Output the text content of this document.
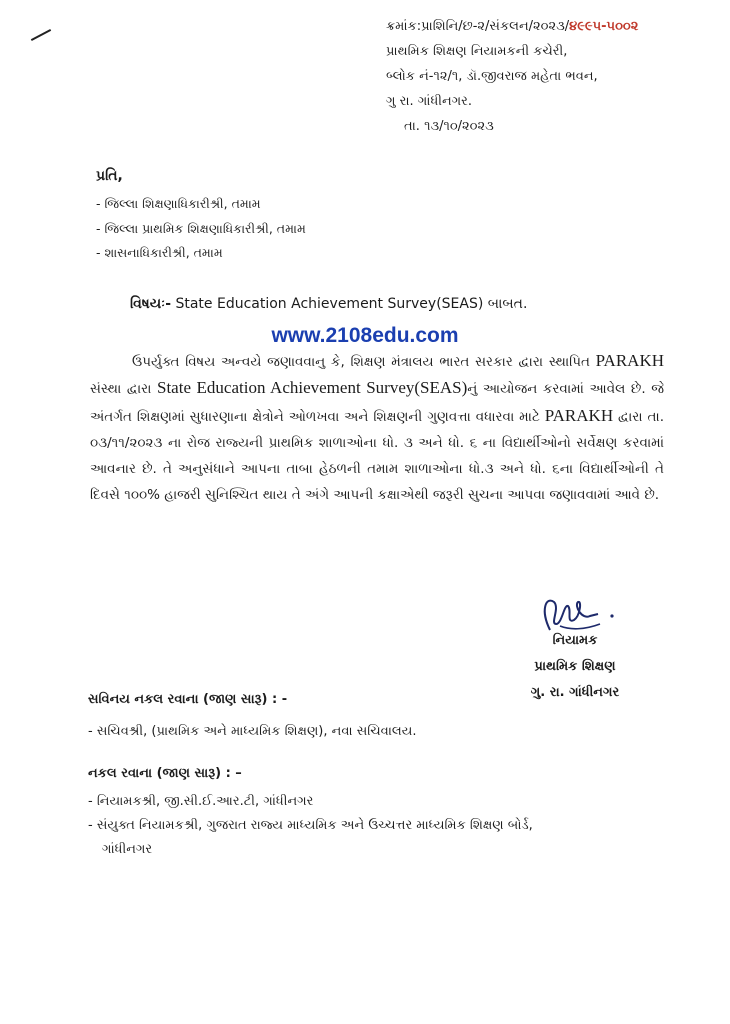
ક્રમાંક:પ્રાશિનિ/છ-૨/સંકલન/૨૦૨૩/૪૯૯૫-૫૦૦૨
પ્રાથમિક શિક્ષણ નિયામકની કચેરી,
બ્લોક નં-૧૨/૧, ડૉ.જીવરાજ મહેતા ભવન,
ગુ રા. ગાંધીનગર.
તા. ૧૩/૧૦/૨૦૨૩
પ્રતિ,
- જિલ્લા શિક્ષણાધિકારીશ્રી, તમામ
- જિલ્લા પ્રાથમિક શિક્ષણાધિકારીશ્રી, તમામ
- શાસનાધિકારીશ્રી, તમામ
વિષયઃ- State Education Achievement Survey(SEAS) બાબત.
www.2108edu.com
ઉપર્યુક્ત વિષય અન્વયે જણાવવાનુ કે, શિક્ષણ મંત્રાલય ભારત સરકાર દ્વારા સ્થાપિત PARAKH સંસ્થા દ્વારા State Education Achievement Survey(SEAS)નું આયોજન કરવામાં આવેલ છે. જે અંતર્ગત શિક્ષણમાં સુધારણાના ક્ષેત્રોને ઓળખવા અને શિક્ષણની ગુણવત્તા વધારવા માટે PARAKH દ્વારા તા. ૦૩/૧૧/૨૦૨૩ ના રોજ રાજ્યની પ્રાથમિક શાળાઓના ધો. ૩ અને ધો. ૬ ના વિદ્યાર્થીઓનો સર્વેક્ષણ કરવામાં આવનાર છે. તે અનુસંધાને આપના તાબા હેઠળની તમામ શાળાઓના ધો.૩ અને ધો. ૬ના વિદ્યાર્થીઓની તે દિવસે ૧૦૦% હાજરી સુનિશ્ચિત થાય તે અંગે આપની કક્ષાએથી જરૂરી સુચના આપવા જણાવવામાં આવે છે.
નિયામક
પ્રાથમિક શિક્ષણ
ગુ. રા. ગાંધીનગર
સવિનય નકલ રવાના (જાણ સારૂ) : -
- સચિવશ્રી, (પ્રાથમિક અને માધ્યમિક શિક્ષણ), નવા સચિવાલય.
નકલ રવાના (જાણ સારૂ) : –
- નિયામકશ્રી, જી.સી.ઈ.આર.ટી, ગાંધીનગર
- સંયુક્ત નિયામકશ્રી, ગુજરાત રાજ્ય માધ્યમિક અને ઉચ્ચત્તર માધ્યમિક શિક્ષણ બોર્ડ,
ગાંધીનગર
